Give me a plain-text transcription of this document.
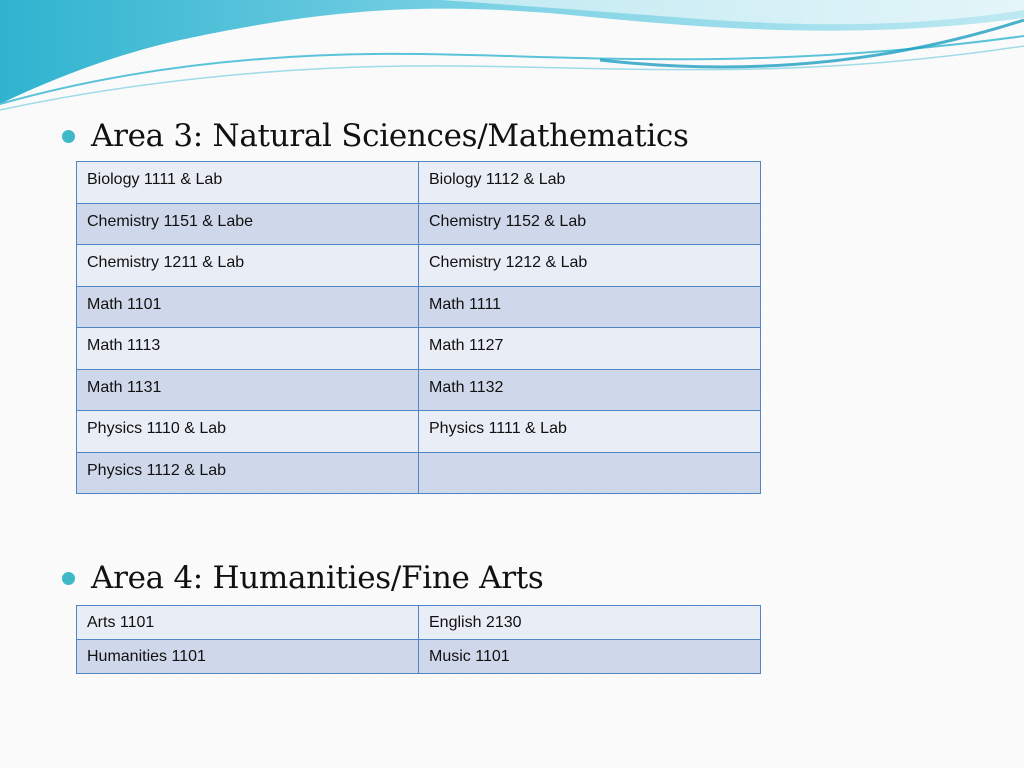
Area 3: Natural Sciences/Mathematics
Biology 1111 & Lab	Biology 1112 & Lab
Chemistry 1151 & Labe	Chemistry 1152 & Lab
Chemistry 1211 & Lab	Chemistry 1212 & Lab
Math 1101	Math 1111
Math 1113	Math 1127
Math 1131	Math 1132
Physics 1110 & Lab	Physics 1111 & Lab
Physics 1112 & Lab	
Area 4: Humanities/Fine Arts
Arts 1101	English 2130
Humanities 1101	Music 1101
